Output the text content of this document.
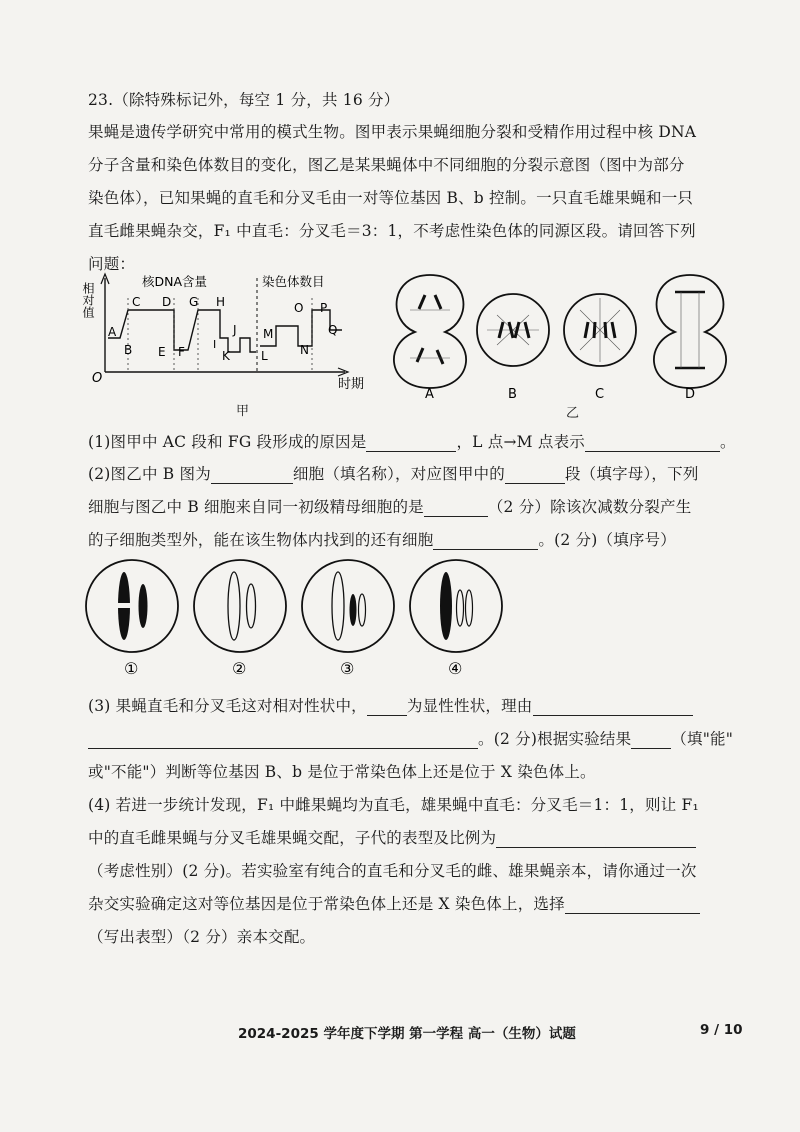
23.（除特殊标记外，每空 1 分，共 16 分）
果蝇是遗传学研究中常用的模式生物。图甲表示果蝇细胞分裂和受精作用过程中核 DNA
分子含量和染色体数目的变化，图乙是某果蝇体中不同细胞的分裂示意图（图中为部分
染色体），已知果蝇的直毛和分叉毛由一对等位基因 B、b 控制。一只直毛雄果蝇和一只
直毛雌果蝇杂交，F₁ 中直毛：分叉毛＝3：1，不考虑性染色体的同源区段。请回答下列
问题：
相对值
O
核DNA含量	染色体数目
A
B
C D
E F
G H
I
J
K	L
M
N
O P
Q
时期
甲
A	B	C	D
乙
(1)图甲中 AC 段和 FG 段形成的原因是	，L 点→M 点表示	。
(2)图乙中 B 图为	细胞（填名称），对应图甲中的	段（填字母），下列
细胞与图乙中 B 细胞来自同一初级精母细胞的是	（2 分）除该次减数分裂产生
的子细胞类型外，能在该生物体内找到的还有细胞	。(2 分)（填序号）
①	②	③	④
(3) 果蝇直毛和分叉毛这对相对性状中，	为显性性状，理由
。(2 分)根据实验结果	（填"能"
或"不能"）判断等位基因 B、b 是位于常染色体上还是位于 X 染色体上。
(4) 若进一步统计发现，F₁ 中雌果蝇均为直毛，雄果蝇中直毛：分叉毛＝1：1，则让 F₁
中的直毛雌果蝇与分叉毛雄果蝇交配，子代的表型及比例为
（考虑性别）(2 分)。若实验室有纯合的直毛和分叉毛的雌、雄果蝇亲本，请你通过一次
杂交实验确定这对等位基因是位于常染色体上还是 X 染色体上，选择
（写出表型）（2 分）亲本交配。
2024-2025 学年度下学期 第一学程 高一（生物）试题	9 / 10
